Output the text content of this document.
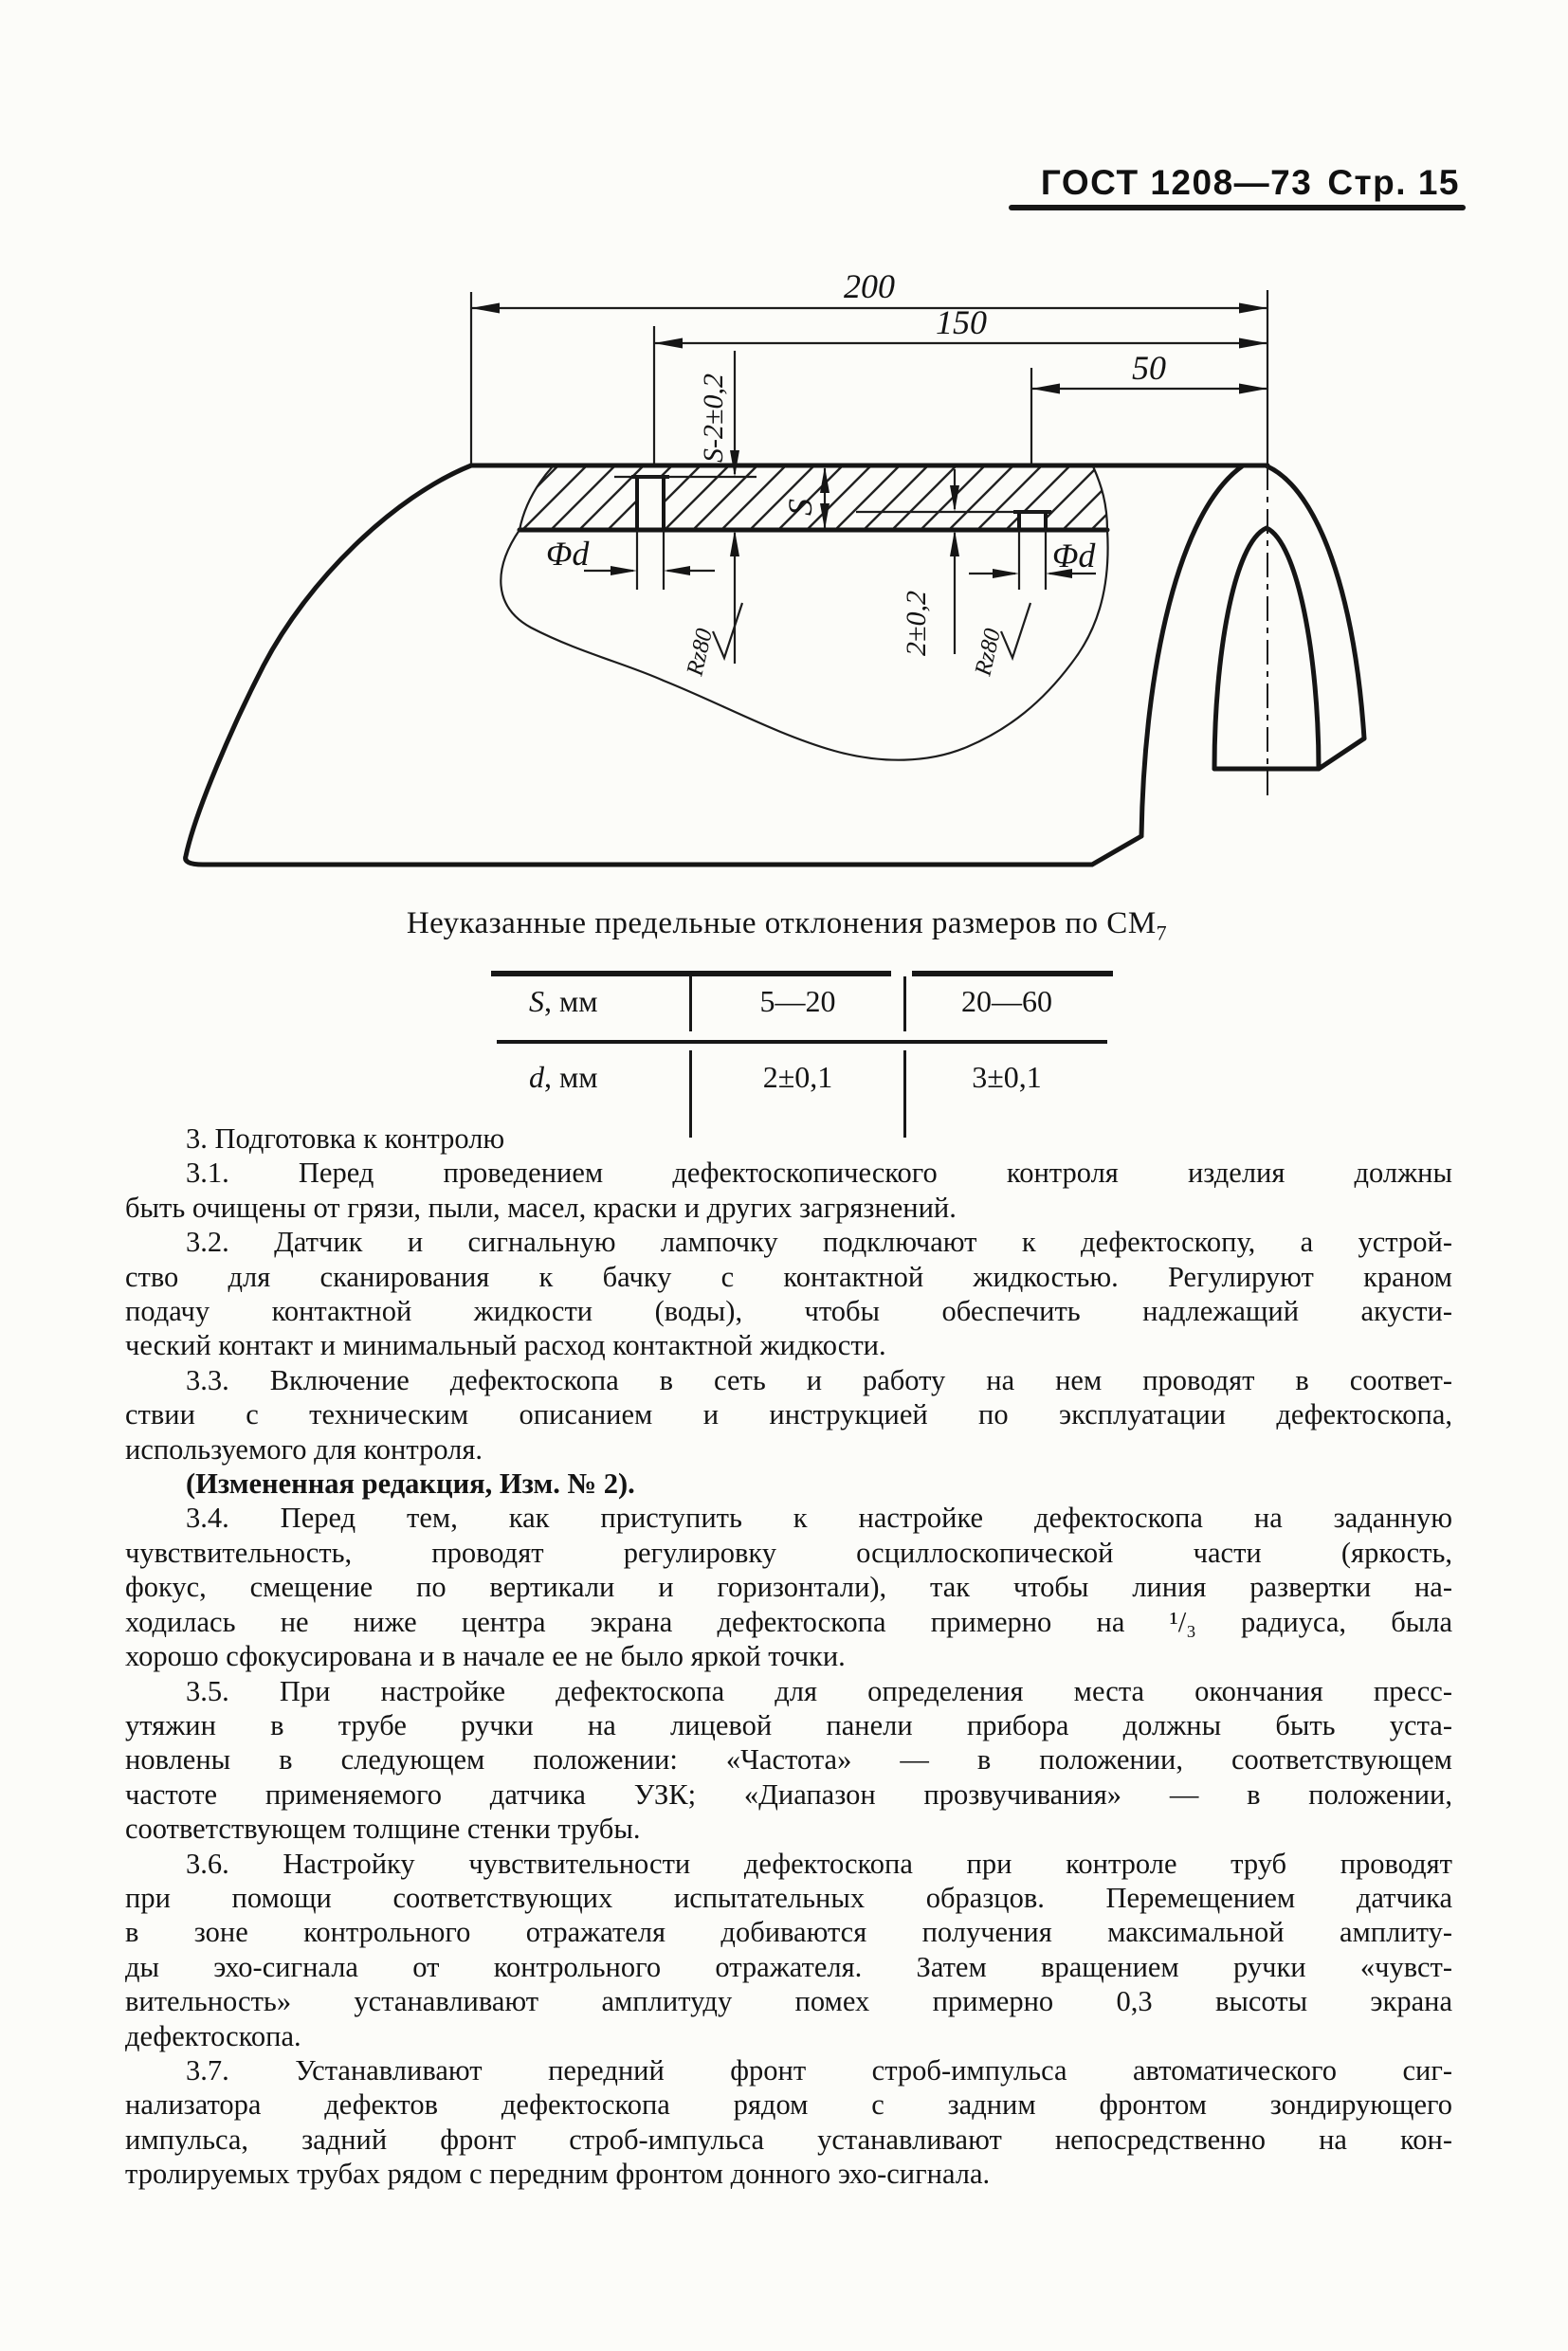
ГОСТ 1208—73 Стр. 15
200
150
50
S-2±0,2
Rz80
S
Φd	Φd
2±0,2 Rz80
Неуказанные предельные отклонения размеров по $СМ_7$
S, мм	5—20	20—60
d, мм	2±0,1	3±0,1
3. Подготовка к контролю
3.1. Перед проведением дефектоскопического контроля изделия должны
быть очищены от грязи, пыли, масел, краски и других загрязнений.
3.2. Датчик и сигнальную лампочку подключают к дефектоскопу, а устрой-
ство для сканирования к бачку с контактной жидкостью. Регулируют краном
подачу контактной жидкости (воды), чтобы обеспечить надлежащий акусти-
ческий контакт и минимальный расход контактной жидкости.
3.3. Включение дефектоскопа в сеть и работу на нем проводят в соответ-
ствии с техническим описанием и инструкцией по эксплуатации дефектоскопа,
используемого для контроля.
(Измененная редакция, Изм. № 2).
3.4. Перед тем, как приступить к настройке дефектоскопа на заданную
чувствительность, проводят регулировку осциллоскопической части (яркость,
фокус, смещение по вертикали и горизонтали), так чтобы линия развертки на-
ходилась не ниже центра экрана дефектоскопа примерно на ¹/₃ радиуса, была
хорошо сфокусирована и в начале ее не было яркой точки.
3.5. При настройке дефектоскопа для определения места окончания пресс-
утяжин в трубе ручки на лицевой панели прибора должны быть уста-
новлены в следующем положении: «Частота» — в положении, соответствующем
частоте применяемого датчика УЗК; «Диапазон прозвучивания» — в положении,
соответствующем толщине стенки трубы.
3.6. Настройку чувствительности дефектоскопа при контроле труб проводят
при помощи соответствующих испытательных образцов. Перемещением датчика
в зоне контрольного отражателя добиваются получения максимальной амплиту-
ды эхо-сигнала от контрольного отражателя. Затем вращением ручки «чувст-
вительность» устанавливают амплитуду помех примерно 0,3 высоты экрана
дефектоскопа.
3.7. Устанавливают передний фронт строб-импульса автоматического сиг-
нализатора дефектов дефектоскопа рядом с задним фронтом зондирующего
импульса, задний фронт строб-импульса устанавливают непосредственно на кон-
тролируемых трубах рядом с передним фронтом донного эхо-сигнала.
